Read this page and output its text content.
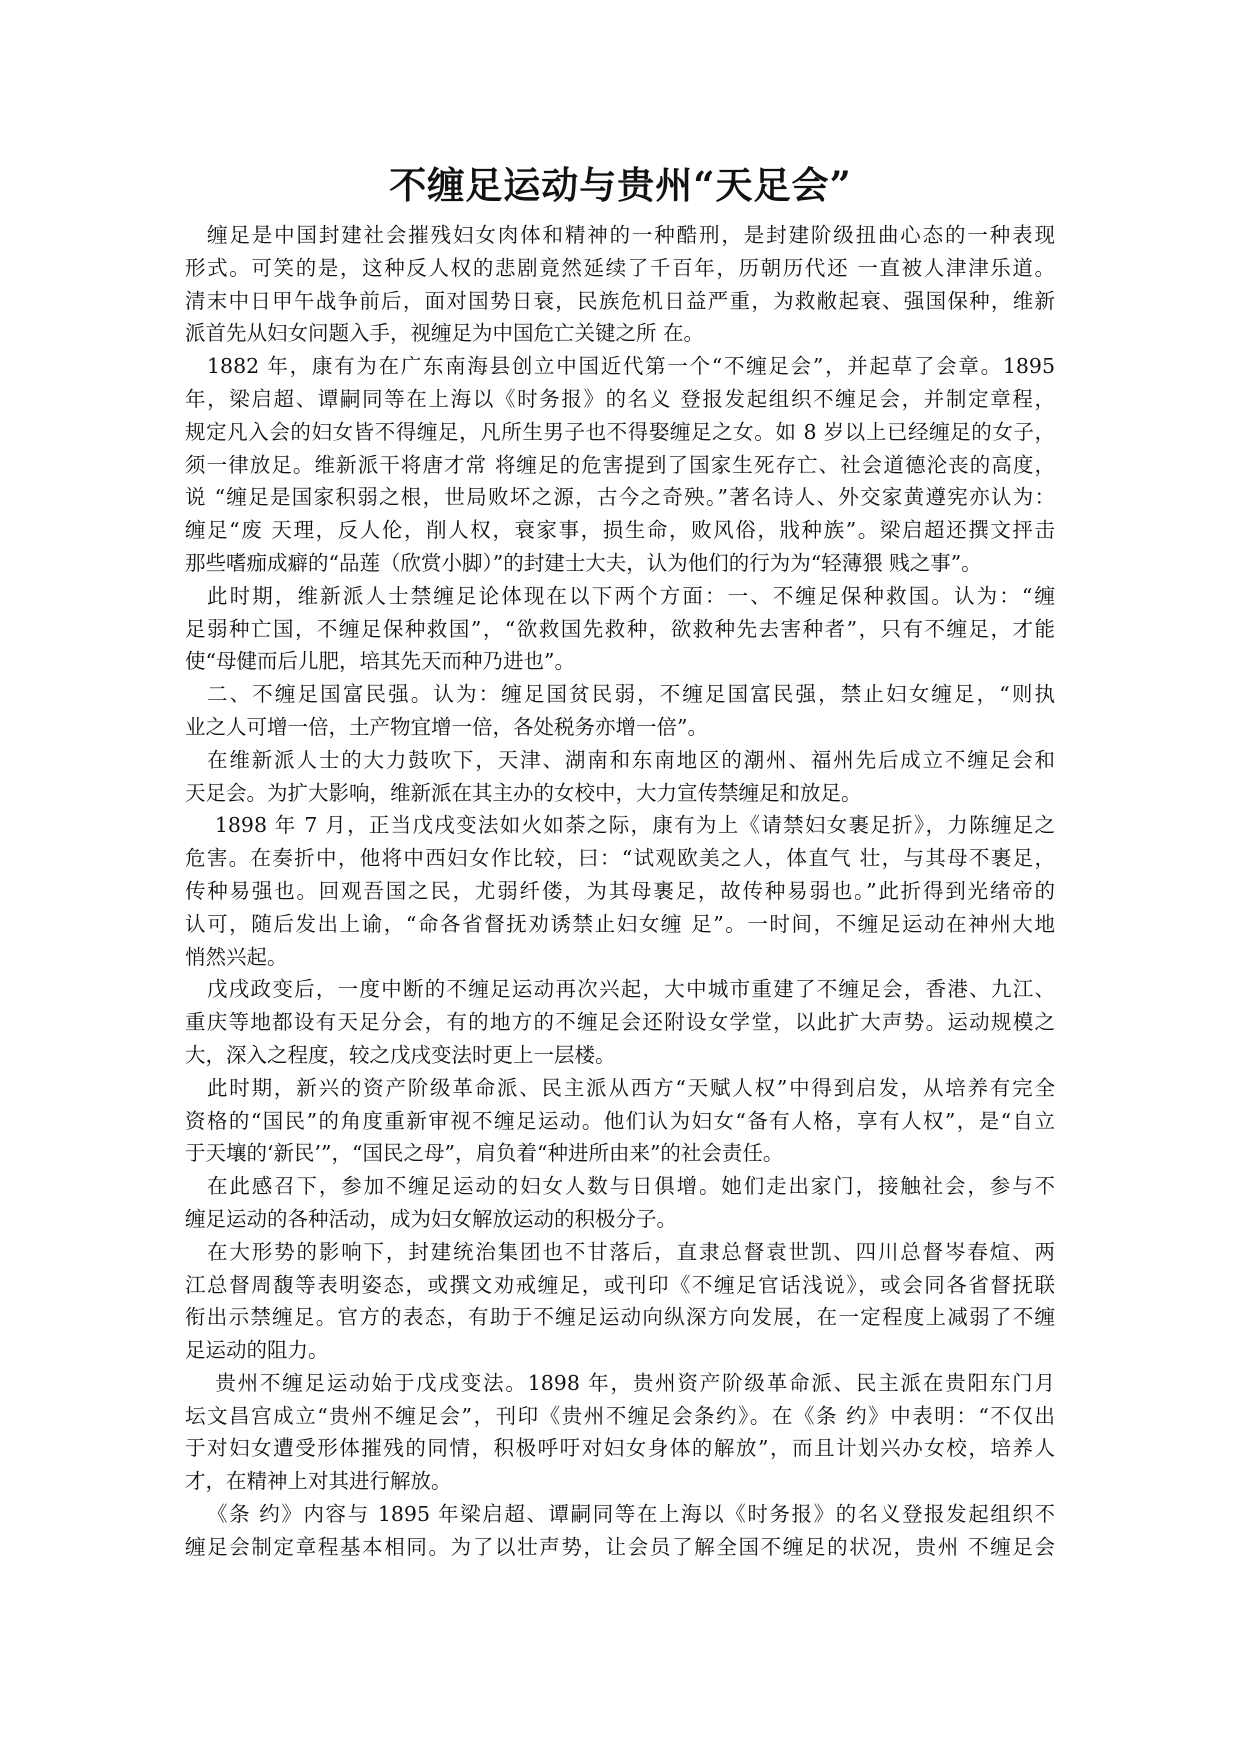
不缠足运动与贵州“天足会”
缠足是中国封建社会摧残妇女肉体和精神的一种酷刑，是封建阶级扭曲心态的一种表现
形式。可笑的是，这种反人权的悲剧竟然延续了千百年，历朝历代还 一直被人津津乐道。
清末中日甲午战争前后，面对国势日衰，民族危机日益严重，为救敝起衰、强国保种，维新
派首先从妇女问题入手，视缠足为中国危亡关键之所 在。
1882 年，康有为在广东南海县创立中国近代第一个“不缠足会”，并起草了会章。1895
年，梁启超、谭嗣同等在上海以《时务报》的名义 登报发起组织不缠足会，并制定章程，
规定凡入会的妇女皆不得缠足，凡所生男子也不得娶缠足之女。如 8 岁以上已经缠足的女子，
须一律放足。维新派干将唐才常 将缠足的危害提到了国家生死存亡、社会道德沦丧的高度，
说 “缠足是国家积弱之根，世局败坏之源，古今之奇殃。”著名诗人、外交家黄遵宪亦认为：
缠足“废 天理，反人伦，削人权，衰家事，损生命，败风俗，戕种族”。梁启超还撰文抨击
那些嗜痂成癖的“品莲（欣赏小脚）”的封建士大夫，认为他们的行为为“轻薄猥 贱之事”。
此时期，维新派人士禁缠足论体现在以下两个方面：一、不缠足保种救国。认为：“缠
足弱种亡国，不缠足保种救国”，“欲救国先救种，欲救种先去害种者”，只有不缠足，才能
使“母健而后儿肥，培其先天而种乃进也”。
二、不缠足国富民强。认为：缠足国贫民弱，不缠足国富民强，禁止妇女缠足，“则执
业之人可增一倍，土产物宜增一倍，各处税务亦增一倍”。
在维新派人士的大力鼓吹下，天津、湖南和东南地区的潮州、福州先后成立不缠足会和
天足会。为扩大影响，维新派在其主办的女校中，大力宣传禁缠足和放足。
1898 年 7 月，正当戊戌变法如火如荼之际，康有为上《请禁妇女裹足折》，力陈缠足之
危害。在奏折中，他将中西妇女作比较，曰：“试观欧美之人，体直气 壮，与其母不裹足，
传种易强也。回观吾国之民，尤弱纤偻，为其母裹足，故传种易弱也。”此折得到光绪帝的
认可，随后发出上谕，“命各省督抚劝诱禁止妇女缠 足”。一时间，不缠足运动在神州大地
悄然兴起。
戊戌政变后，一度中断的不缠足运动再次兴起，大中城市重建了不缠足会，香港、九江、
重庆等地都设有天足分会，有的地方的不缠足会还附设女学堂，以此扩大声势。运动规模之
大，深入之程度，较之戊戌变法时更上一层楼。
此时期，新兴的资产阶级革命派、民主派从西方“天赋人权”中得到启发，从培养有完全
资格的“国民”的角度重新审视不缠足运动。他们认为妇女“备有人格，享有人权”，是“自立
于天壤的‘新民’”，“国民之母”，肩负着“种进所由来”的社会责任。
在此感召下，参加不缠足运动的妇女人数与日俱增。她们走出家门，接触社会，参与不
缠足运动的各种活动，成为妇女解放运动的积极分子。
在大形势的影响下，封建统治集团也不甘落后，直隶总督袁世凯、四川总督岑春煊、两
江总督周馥等表明姿态，或撰文劝戒缠足，或刊印《不缠足官话浅说》，或会同各省督抚联
衔出示禁缠足。官方的表态，有助于不缠足运动向纵深方向发展，在一定程度上减弱了不缠
足运动的阻力。
贵州不缠足运动始于戊戌变法。1898 年，贵州资产阶级革命派、民主派在贵阳东门月
坛文昌宫成立“贵州不缠足会”，刊印《贵州不缠足会条约》。在《条 约》中表明：“不仅出
于对妇女遭受形体摧残的同情，积极呼吁对妇女身体的解放”，而且计划兴办女校，培养人
才，在精神上对其进行解放。
《条 约》内容与 1895 年梁启超、谭嗣同等在上海以《时务报》的名义登报发起组织不
缠足会制定章程基本相同。为了以壮声势，让会员了解全国不缠足的状况，贵州 不缠足会
